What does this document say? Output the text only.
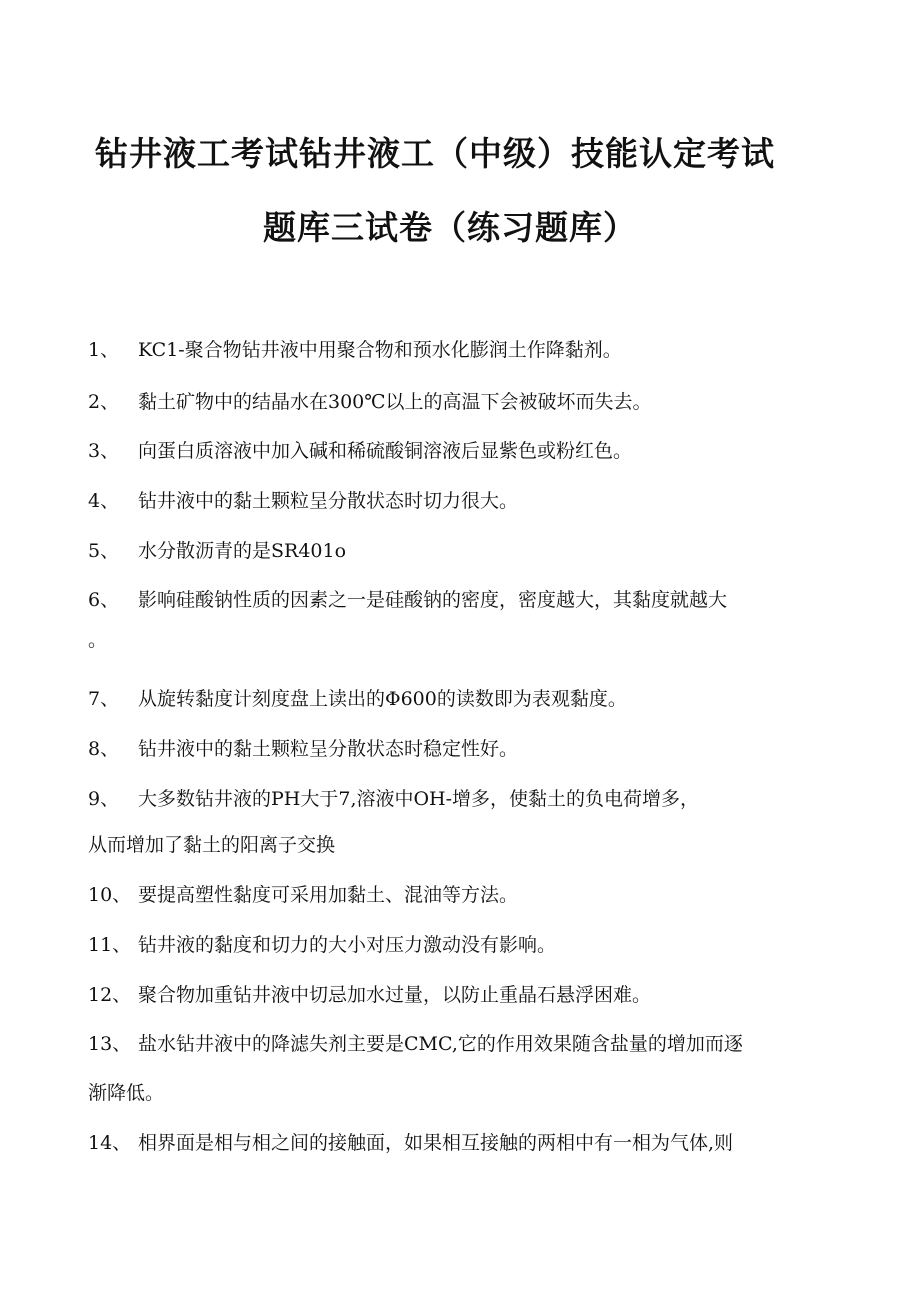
钻井液工考试钻井液工（中级）技能认定考试
题库三试卷（练习题库）
1、 KC1-聚合物钻井液中用聚合物和预水化膨润土作降黏剂。
2、 黏土矿物中的结晶水在300℃以上的高温下会被破坏而失去。
3、 向蛋白质溶液中加入碱和稀硫酸铜溶液后显紫色或粉红色。
4、 钻井液中的黏土颗粒呈分散状态时切力很大。
5、 水分散沥青的是SR401o
6、 影响硅酸钠性质的因素之一是硅酸钠的密度，密度越大，其黏度就越大
。
7、 从旋转黏度计刻度盘上读出的Φ600的读数即为表观黏度。
8、 钻井液中的黏土颗粒呈分散状态时稳定性好。
9、 大多数钻井液的PH大于7,溶液中OH-增多，使黏土的负电荷增多，
从而增加了黏土的阳离子交换
10、 要提高塑性黏度可采用加黏土、混油等方法。
11、 钻井液的黏度和切力的大小对压力激动没有影响。
12、 聚合物加重钻井液中切忌加水过量，以防止重晶石悬浮困难。
13、 盐水钻井液中的降滤失剂主要是CMC,它的作用效果随含盐量的增加而逐
渐降低。
14、 相界面是相与相之间的接触面，如果相互接触的两相中有一相为气体,则
